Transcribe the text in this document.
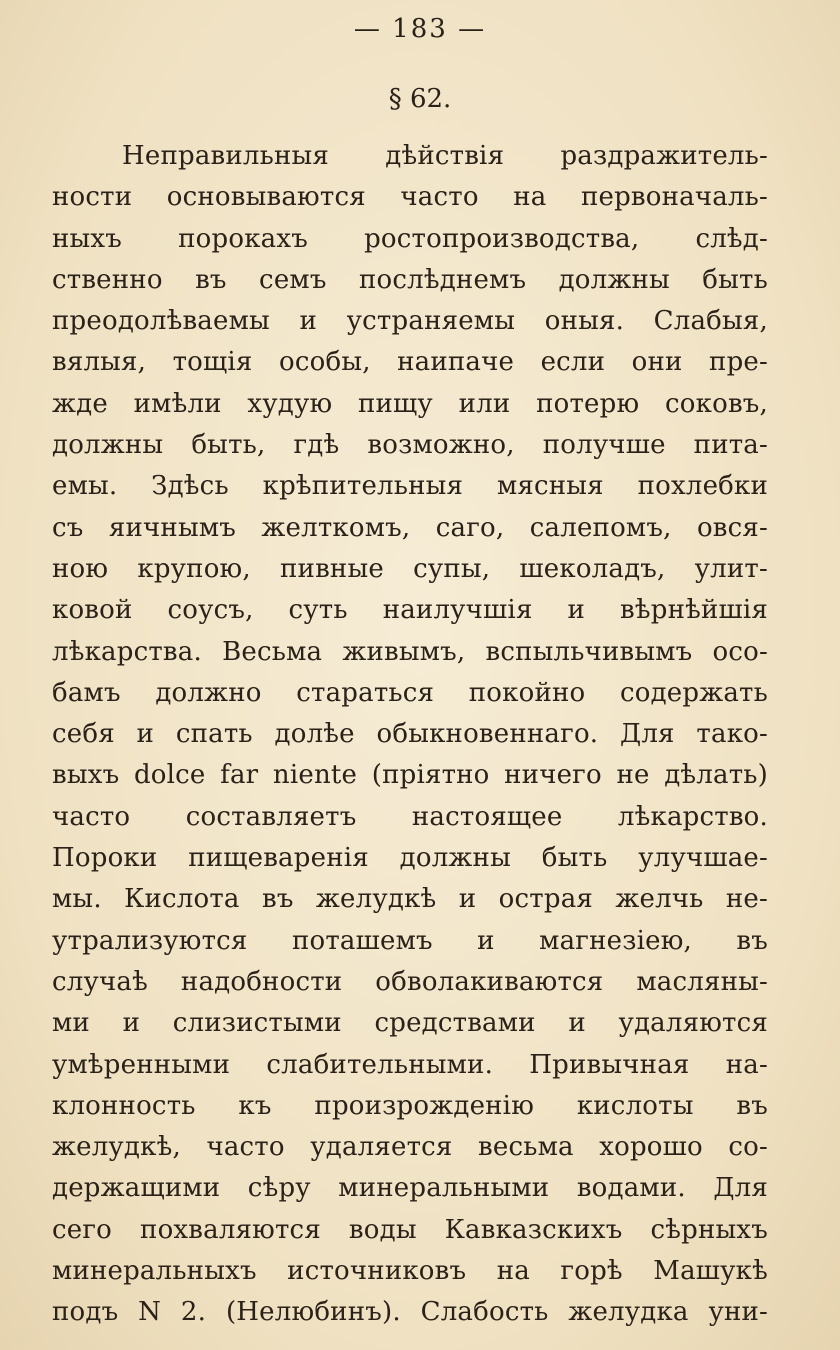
— 183 —
§ 62.
Неправильныя дѣйствія раздражитель-
ности основываются часто на первоначаль-
ныхъ порокахъ ростопроизводства, слѣд-
ственно въ семъ послѣднемъ должны быть
преодолѣваемы и устраняемы оныя. Слабыя,
вялыя, тощія особы, наипаче если они пре-
жде имѣли худую пищу или потерю соковъ,
должны быть, гдѣ возможно, получше пита-
емы. Здѣсь крѣпительныя мясныя похлебки
съ яичнымъ желткомъ, саго, салепомъ, овся-
ною крупою, пивные супы, шеколадъ, улит-
ковой соусъ, суть наилучшія и вѣрнѣйшія
лѣкарства. Весьма живымъ, вспыльчивымъ осо-
бамъ должно стараться покойно содержать
себя и спать долѣе обыкновеннаго. Для тако-
выхъ dolce far niente (пріятно ничего не дѣлать)
часто составляетъ настоящее лѣкарство.
Пороки пищеваренія должны быть улучшае-
мы. Кислота въ желудкѣ и острая желчь не-
утрализуются поташемъ и магнезіею, въ
случаѣ надобности обволакиваются масляны-
ми и слизистыми средствами и удаляются
умѣренными слабительными. Привычная на-
клонность къ произрожденію кислоты въ
желудкѣ, часто удаляется весьма хорошо со-
держащими сѣру минеральными водами. Для
сего похваляются воды Кавказскихъ сѣрныхъ
минеральныхъ источниковъ на горѣ Машукѣ
подъ N 2. (Нелюбинъ). Слабость желудка уни-
